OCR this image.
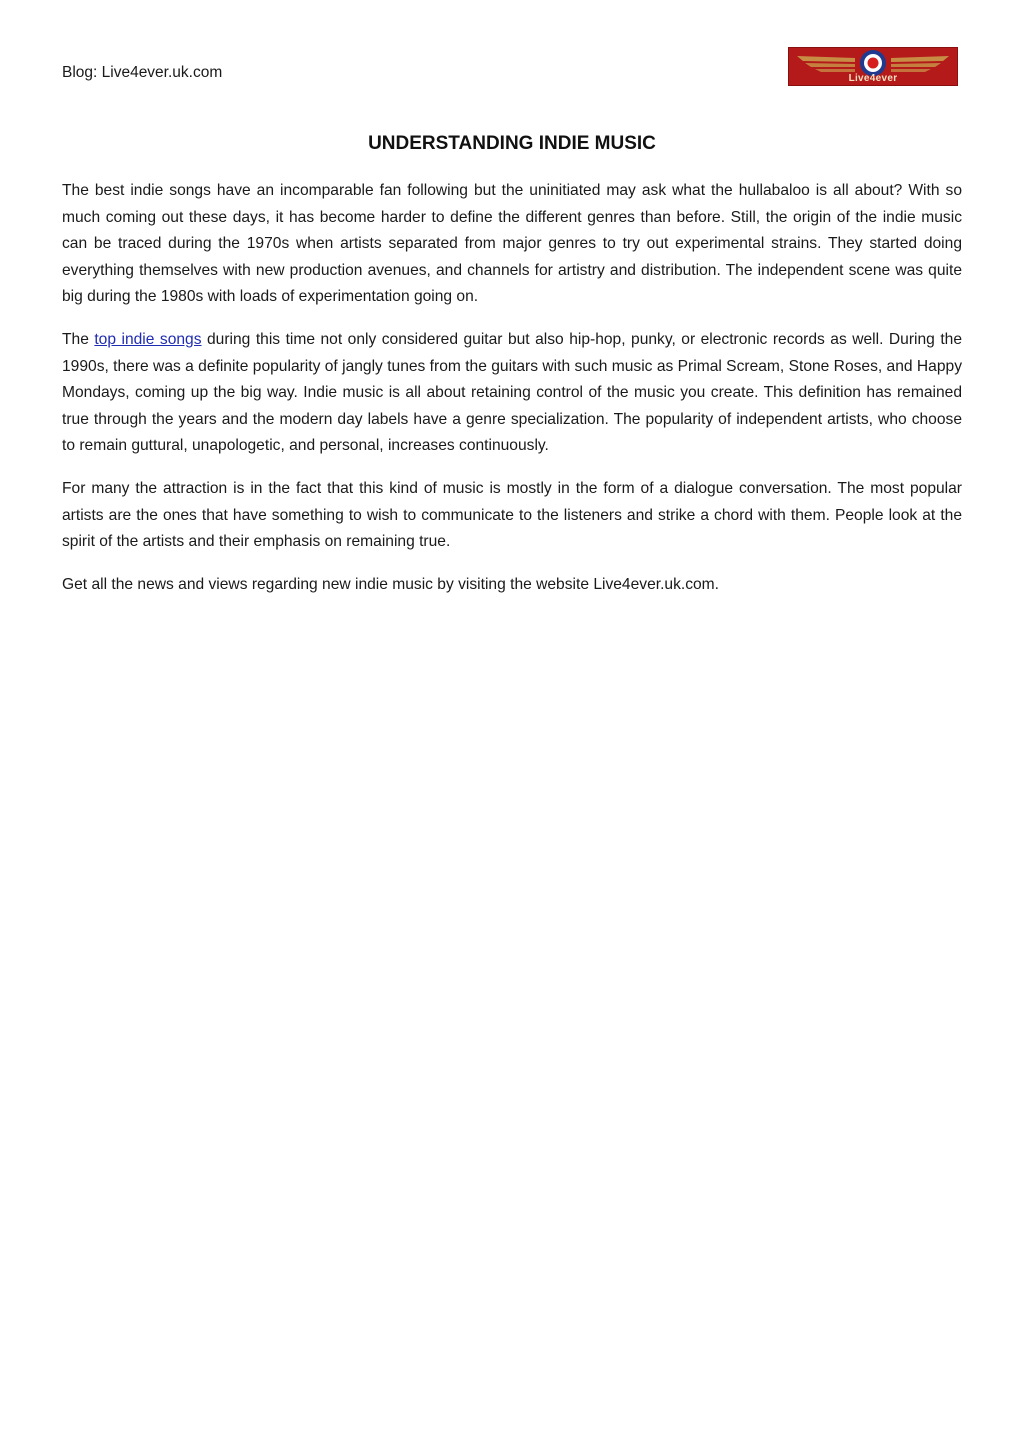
Blog: Live4ever.uk.com	Live4ever
UNDERSTANDING INDIE MUSIC

The best indie songs have an incomparable fan following but the uninitiated may ask what the hullabaloo is all about? With so much coming out these days, it has become harder to define the different genres than before. Still, the origin of the indie music can be traced during the 1970s when artists separated from major genres to try out experimental strains. They started doing everything themselves with new production avenues, and channels for artistry and distribution. The independent scene was quite big during the 1980s with loads of experimentation going on.

The top indie songs during this time not only considered guitar but also hip-hop, punky, or electronic records as well. During the 1990s, there was a definite popularity of jangly tunes from the guitars with such music as Primal Scream, Stone Roses, and Happy Mondays, coming up the big way. Indie music is all about retaining control of the music you create. This definition has remained true through the years and the modern day labels have a genre specialization. The popularity of independent artists, who choose to remain guttural, unapologetic, and personal, increases continuously.

For many the attraction is in the fact that this kind of music is mostly in the form of a dialogue conversation. The most popular artists are the ones that have something to wish to communicate to the listeners and strike a chord with them. People look at the spirit of the artists and their emphasis on remaining true.

Get all the news and views regarding new indie music by visiting the website Live4ever.uk.com.
